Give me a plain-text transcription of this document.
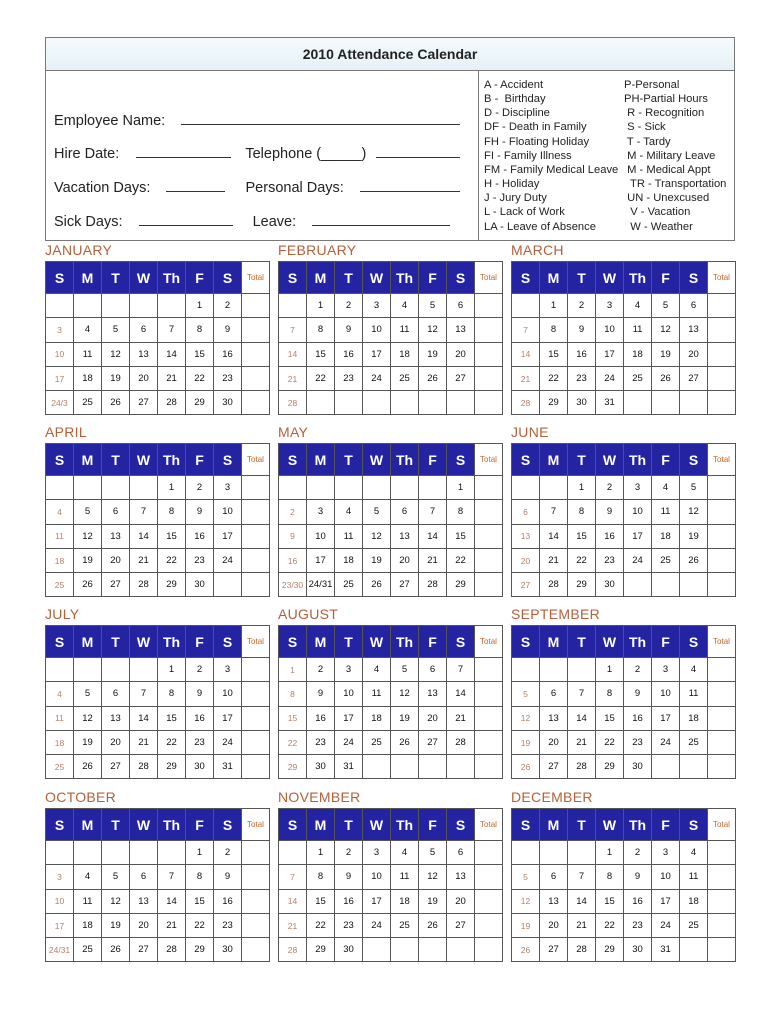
2010 Attendance Calendar
Employee Name:
Hire Date:	Telephone (_____)
Vacation Days:	Personal Days:
Sick Days:	Leave:
A - Accident
B -  Birthday
D - Discipline
DF - Death in Family
FH - Floating Holiday
FI - Family Illness
FM - Family Medical Leave
H - Holiday
J - Jury Duty
L - Lack of Work
LA - Leave of Absence
P-Personal
PH-Partial Hours
R - Recognition
S - Sick
T - Tardy
M - Military Leave
M - Medical Appt
TR - Transportation
UN - Unexcused
V - Vacation
W - Weather
JANUARY
S	M	T	W	Th	F	S	Total
					1	2	
3	4	5	6	7	8	9	
10	11	12	13	14	15	16	
17	18	19	20	21	22	23	
24/3	25	26	27	28	29	30	
FEBRUARY
S	M	T	W	Th	F	S	Total
	1	2	3	4	5	6	
7	8	9	10	11	12	13	
14	15	16	17	18	19	20	
21	22	23	24	25	26	27	
28							
MARCH
S	M	T	W	Th	F	S	Total
	1	2	3	4	5	6	
7	8	9	10	11	12	13	
14	15	16	17	18	19	20	
21	22	23	24	25	26	27	
28	29	30	31				
APRIL
S	M	T	W	Th	F	S	Total
				1	2	3	
4	5	6	7	8	9	10	
11	12	13	14	15	16	17	
18	19	20	21	22	23	24	
25	26	27	28	29	30		
MAY
S	M	T	W	Th	F	S	Total
						1	
2	3	4	5	6	7	8	
9	10	11	12	13	14	15	
16	17	18	19	20	21	22	
23/30	24/31	25	26	27	28	29	
JUNE
S	M	T	W	Th	F	S	Total
		1	2	3	4	5	
6	7	8	9	10	11	12	
13	14	15	16	17	18	19	
20	21	22	23	24	25	26	
27	28	29	30				
JULY
S	M	T	W	Th	F	S	Total
				1	2	3	
4	5	6	7	8	9	10	
11	12	13	14	15	16	17	
18	19	20	21	22	23	24	
25	26	27	28	29	30	31	
AUGUST
S	M	T	W	Th	F	S	Total
1	2	3	4	5	6	7	
8	9	10	11	12	13	14	
15	16	17	18	19	20	21	
22	23	24	25	26	27	28	
29	30	31					
SEPTEMBER
S	M	T	W	Th	F	S	Total
			1	2	3	4	
5	6	7	8	9	10	11	
12	13	14	15	16	17	18	
19	20	21	22	23	24	25	
26	27	28	29	30			
OCTOBER
S	M	T	W	Th	F	S	Total
					1	2	
3	4	5	6	7	8	9	
10	11	12	13	14	15	16	
17	18	19	20	21	22	23	
24/31	25	26	27	28	29	30	
NOVEMBER
S	M	T	W	Th	F	S	Total
	1	2	3	4	5	6	
7	8	9	10	11	12	13	
14	15	16	17	18	19	20	
21	22	23	24	25	26	27	
28	29	30					
DECEMBER
S	M	T	W	Th	F	S	Total
			1	2	3	4	
5	6	7	8	9	10	11	
12	13	14	15	16	17	18	
19	20	21	22	23	24	25	
26	27	28	29	30	31		
